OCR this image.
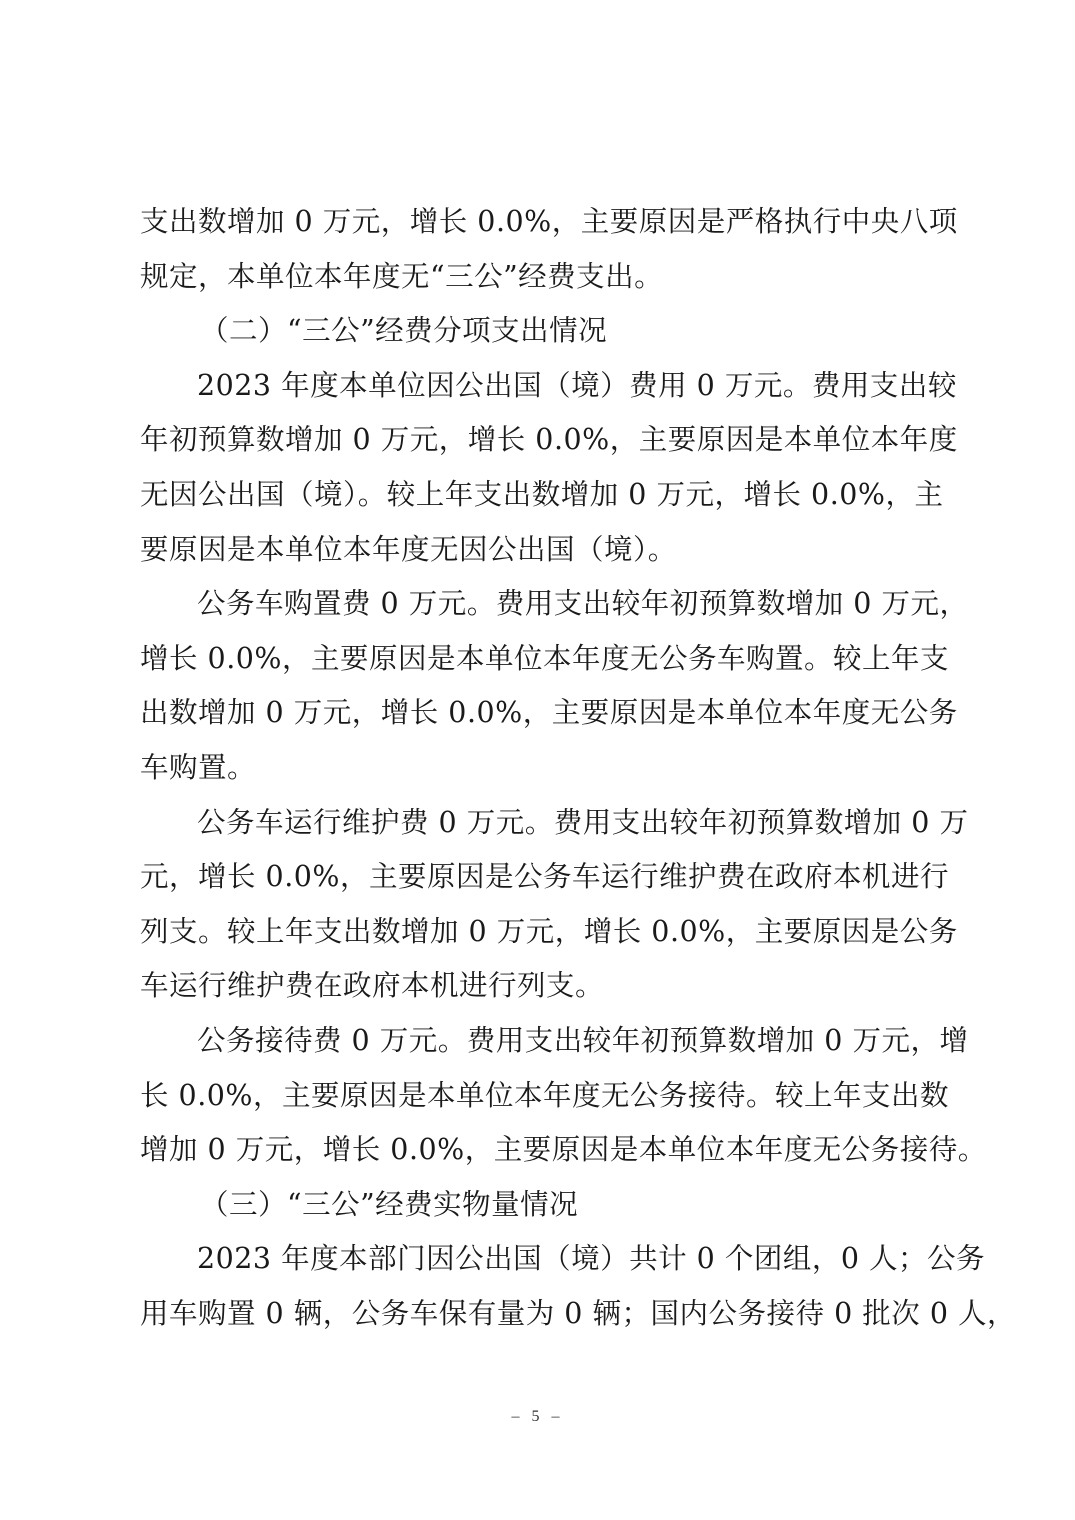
支出数增加 0 万元，增长 0.0%，主要原因是严格执行中央八项
规定，本单位本年度无“三公”经费支出。
（二）“三公”经费分项支出情况
2023 年度本单位因公出国（境）费用 0 万元。费用支出较
年初预算数增加 0 万元，增长 0.0%，主要原因是本单位本年度
无因公出国（境）。较上年支出数增加 0 万元，增长 0.0%，主
要原因是本单位本年度无因公出国（境）。
公务车购置费 0 万元。费用支出较年初预算数增加 0 万元，
增长 0.0%，主要原因是本单位本年度无公务车购置。较上年支
出数增加 0 万元，增长 0.0%，主要原因是本单位本年度无公务
车购置。
公务车运行维护费 0 万元。费用支出较年初预算数增加 0 万
元，增长 0.0%，主要原因是公务车运行维护费在政府本机进行
列支。较上年支出数增加 0 万元，增长 0.0%，主要原因是公务
车运行维护费在政府本机进行列支。
公务接待费 0 万元。费用支出较年初预算数增加 0 万元，增
长 0.0%，主要原因是本单位本年度无公务接待。较上年支出数
增加 0 万元，增长 0.0%，主要原因是本单位本年度无公务接待。
（三）“三公”经费实物量情况
2023 年度本部门因公出国（境）共计 0 个团组，0 人；公务
用车购置 0 辆，公务车保有量为 0 辆；国内公务接待 0 批次 0 人，
– 5 –
